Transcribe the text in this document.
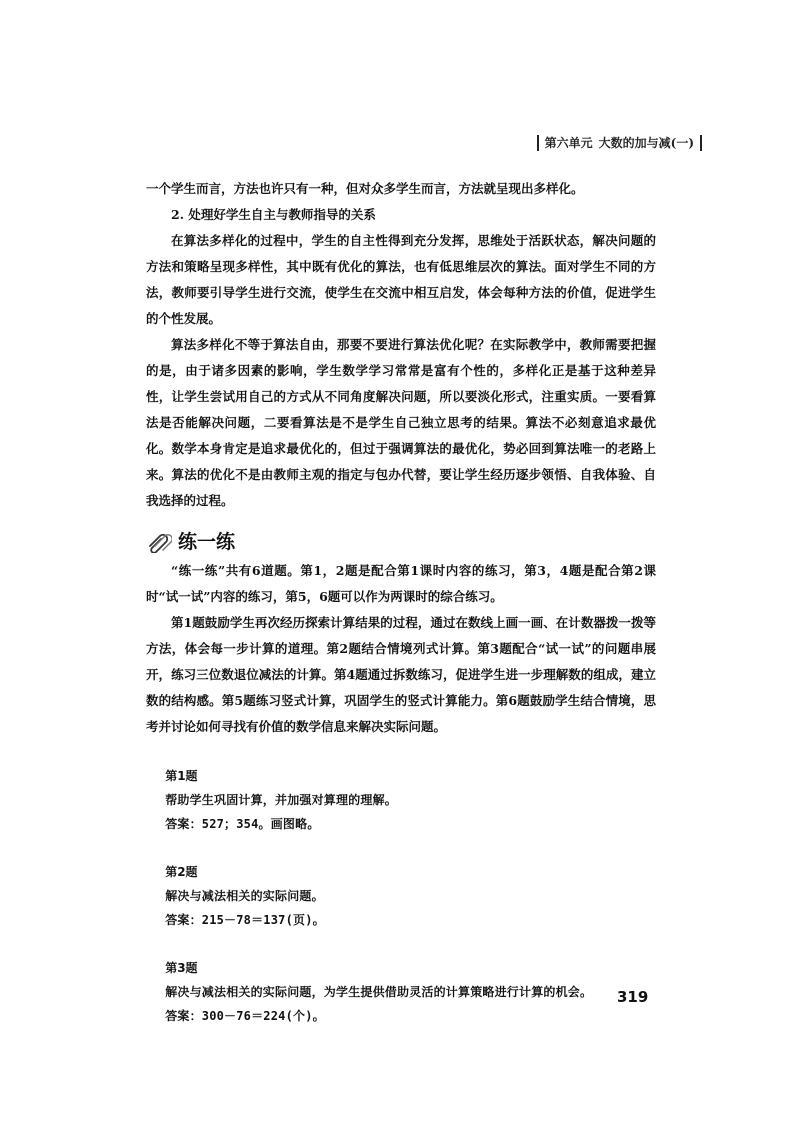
第六单元 大数的加与减(一)

一个学生而言，方法也许只有一种，但对众多学生而言，方法就呈现出多样化。

2. 处理好学生自主与教师指导的关系

在算法多样化的过程中，学生的自主性得到充分发挥，思维处于活跃状态，解决问题的方法和策略呈现多样性，其中既有优化的算法，也有低思维层次的算法。面对学生不同的方法，教师要引导学生进行交流，使学生在交流中相互启发，体会每种方法的价值，促进学生的个性发展。

算法多样化不等于算法自由，那要不要进行算法优化呢？在实际教学中，教师需要把握的是，由于诸多因素的影响，学生数学学习常常是富有个性的，多样化正是基于这种差异性，让学生尝试用自己的方式从不同角度解决问题，所以要淡化形式，注重实质。一要看算法是否能解决问题，二要看算法是不是学生自己独立思考的结果。算法不必刻意追求最优化。数学本身肯定是追求最优化的，但过于强调算法的最优化，势必回到算法唯一的老路上来。算法的优化不是由教师主观的指定与包办代替，要让学生经历逐步领悟、自我体验、自我选择的过程。

练一练

“练一练”共有6道题。第1，2题是配合第1课时内容的练习，第3，4题是配合第2课时“试一试”内容的练习，第5，6题可以作为两课时的综合练习。

第1题鼓励学生再次经历探索计算结果的过程，通过在数线上画一画、在计数器拨一拨等方法，体会每一步计算的道理。第2题结合情境列式计算。第3题配合“试一试”的问题串展开，练习三位数退位减法的计算。第4题通过拆数练习，促进学生进一步理解数的组成，建立数的结构感。第5题练习竖式计算，巩固学生的竖式计算能力。第6题鼓励学生结合情境，思考并讨论如何寻找有价值的数学信息来解决实际问题。

第1题
帮助学生巩固计算，并加强对算理的理解。
答案：527；354。画图略。
第2题
解决与减法相关的实际问题。
答案：215－78＝137(页)。
第3题
解决与减法相关的实际问题，为学生提供借助灵活的计算策略进行计算的机会。
答案：300－76＝224(个)。
319
